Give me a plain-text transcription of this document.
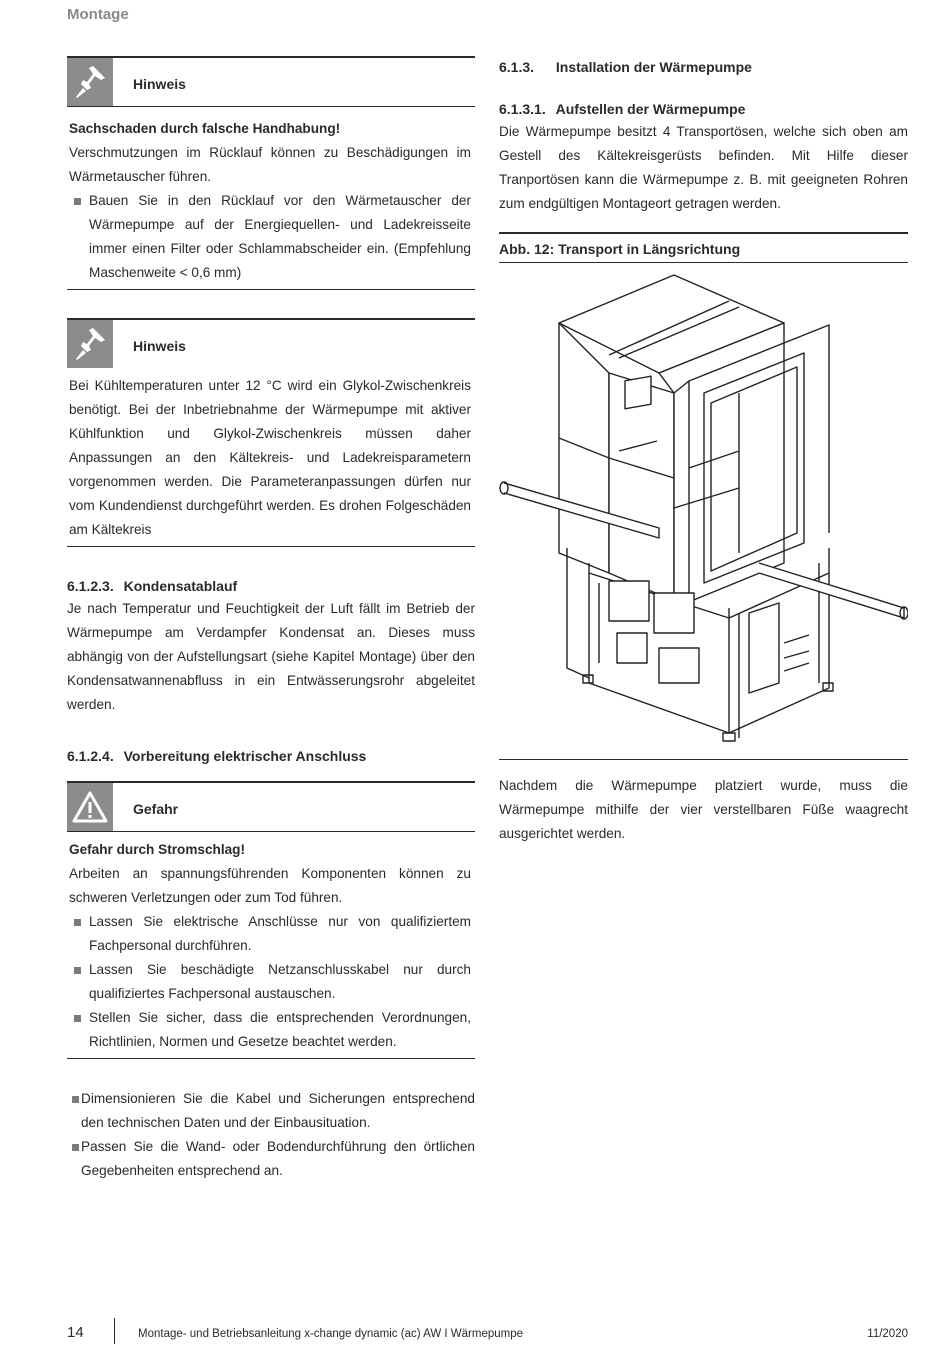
Montage
Hinweis
Sachschaden durch falsche Handhabung!

Verschmutzungen im Rücklauf können zu Beschädigungen im Wärmetauscher führen.

Bauen Sie in den Rücklauf vor den Wärmetauscher der Wärmepumpe auf der Energiequellen- und Ladekreisseite immer einen Filter oder Schlammabscheider ein. (Empfehlung Maschenweite < 0,6 mm)
Hinweis

Bei Kühltemperaturen unter 12 °C wird ein Glykol-Zwischenkreis benötigt. Bei der Inbetriebnahme der Wärmepumpe mit aktiver Kühlfunktion und Glykol-Zwischenkreis müssen daher Anpassungen an den Kältekreis- und Ladekreisparametern vorgenommen werden. Die Parameteranpassungen dürfen nur vom Kundendienst durchgeführt werden. Es drohen Folgeschäden am Kältekreis

6.1.2.3. Kondensatablauf

Je nach Temperatur und Feuchtigkeit der Luft fällt im Betrieb der Wärmepumpe am Verdampfer Kondensat an. Dieses muss abhängig von der Aufstellungsart (siehe Kapitel Montage) über den Kondensatwannenabfluss in ein Entwässerungsrohr abgeleitet werden.

6.1.2.4. Vorbereitung elektrischer Anschluss
Gefahr
Gefahr durch Stromschlag!

Arbeiten an spannungsführenden Komponenten können zu schweren Verletzungen oder zum Tod führen.

Lassen Sie elektrische Anschlüsse nur von qualifiziertem Fachpersonal durchführen.
Lassen Sie beschädigte Netzanschlusskabel nur durch qualifiziertes Fachpersonal austauschen.
Stellen Sie sicher, dass die entsprechenden Verordnungen, Richtlinien, Normen und Gesetze beachtet werden.
Dimensionieren Sie die Kabel und Sicherungen entsprechend den technischen Daten und der Einbausituation.
Passen Sie die Wand- oder Bodendurchführung den örtlichen Gegebenheiten entsprechend an.
6.1.3. Installation der Wärmepumpe
6.1.3.1. Aufstellen der Wärmepumpe

Die Wärmepumpe besitzt 4 Transportösen, welche sich oben am Gestell des Kältekreisgerüsts befinden. Mit Hilfe dieser Tranportösen kann die Wärmepumpe z. B. mit geeigneten Rohren zum endgültigen Montageort getragen werden.

Abb. 12: Transport in Längsrichtung

Nachdem die Wärmepumpe platziert wurde, muss die Wärmepumpe mithilfe der vier verstellbaren Füße waagrecht ausgerichtet werden.

14	Montage- und Betriebsanleitung x-change dynamic (ac) AW I Wärmepumpe	11/2020
